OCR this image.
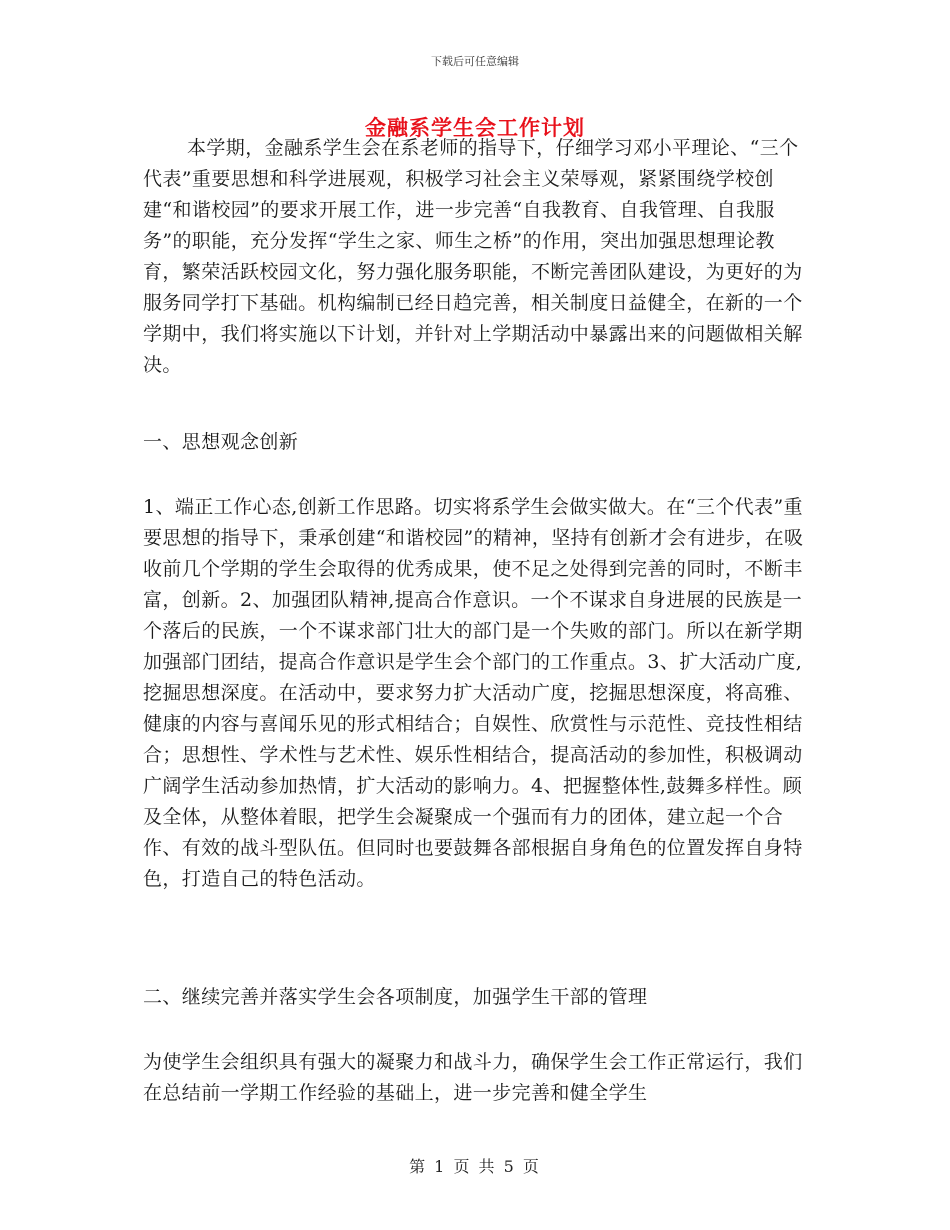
下载后可任意编辑
金融系学生会工作计划

本学期，金融系学生会在系老师的指导下，仔细学习邓小平理论、“三个代表”重要思想和科学进展观，积极学习社会主义荣辱观，紧紧围绕学校创建“和谐校园”的要求开展工作，进一步完善“自我教育、自我管理、自我服务”的职能，充分发挥“学生之家、师生之桥”的作用，突出加强思想理论教育，繁荣活跃校园文化，努力强化服务职能，不断完善团队建设，为更好的为服务同学打下基础。机构编制已经日趋完善，相关制度日益健全，在新的一个学期中，我们将实施以下计划，并针对上学期活动中暴露出来的问题做相关解决。

一、思想观念创新
1、端正工作心态,创新工作思路。切实将系学生会做实做大。在“三个代表”重要思想的指导下，秉承创建“和谐校园”的精神，坚持有创新才会有进步，在吸收前几个学期的学生会取得的优秀成果，使不足之处得到完善的同时，不断丰富，创新。2、加强团队精神,提高合作意识。一个不谋求自身进展的民族是一个落后的民族，一个不谋求部门壮大的部门是一个失败的部门。所以在新学期加强部门团结，提高合作意识是学生会个部门的工作重点。3、扩大活动广度,挖掘思想深度。在活动中，要求努力扩大活动广度，挖掘思想深度，将高雅、健康的内容与喜闻乐见的形式相结合；自娱性、欣赏性与示范性、竞技性相结合；思想性、学术性与艺术性、娱乐性相结合，提高活动的参加性，积极调动广阔学生活动参加热情，扩大活动的影响力。4、把握整体性,鼓舞多样性。顾及全体，从整体着眼，把学生会凝聚成一个强而有力的团体，建立起一个合作、有效的战斗型队伍。但同时也要鼓舞各部根据自身角色的位置发挥自身特色，打造自己的特色活动。
二、继续完善并落实学生会各项制度，加强学生干部的管理
为使学生会组织具有强大的凝聚力和战斗力，确保学生会工作正常运行，我们在总结前一学期工作经验的基础上，进一步完善和健全学生
第 1 页 共 5 页
